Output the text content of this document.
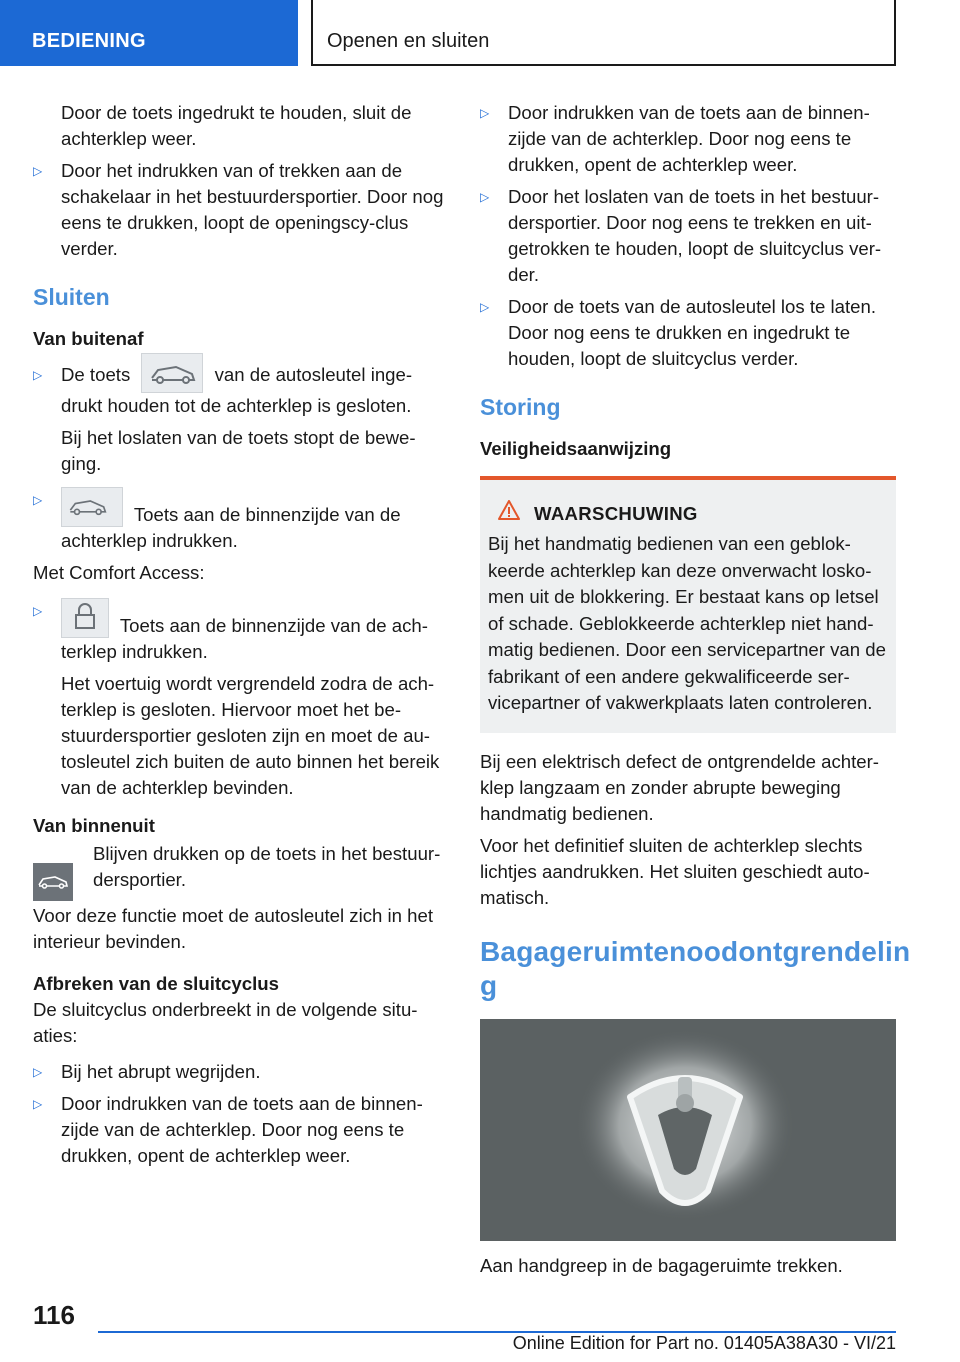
BEDIENING	Openen en sluiten

Door de toets ingedrukt te houden, sluit de achterklep weer.

▷ Door het indrukken van of trekken aan de schakelaar in het bestuurdersportier. Door nog eens te drukken, loopt de openingscy‐clus verder.
Sluiten
Van buitenaf
▷ De toets	van de autosleutel inge‐drukt houden tot de achterklep is gesloten.

Bij het loslaten van de toets stopt de bewe‐ging.

▷
Toets aan de binnenzijde van de achterklep indrukken.

Met Comfort Access:

▷
Toets aan de binnenzijde van de ach‐terklep indrukken.

Het voertuig wordt vergrendeld zodra de ach‐terklep is gesloten. Hiervoor moet het be‐stuurdersportier gesloten zijn en moet de au‐tosleutel zich buiten de auto binnen het bereik van de achterklep bevinden.

Van binnenuit
Blijven drukken op de toets in het bestuur‐dersportier.

Voor deze functie moet de autosleutel zich in het interieur bevinden.

Afbreken van de sluitcyclus

De sluitcyclus onderbreekt in de volgende situ‐aties:

▷ Bij het abrupt wegrijden.
▷ Door indrukken van de toets aan de binnen‐zijde van de achterklep. Door nog eens te drukken, opent de achterklep weer.
▷ Door indrukken van de toets aan de binnen‐zijde van de achterklep. Door nog eens te drukken, opent de achterklep weer.
▷ Door het loslaten van de toets in het bestuur‐dersportier. Door nog eens te trekken en uit‐getrokken te houden, loopt de sluitcyclus ver‐der.
▷ Door de toets van de autosleutel los te laten. Door nog eens te drukken en ingedrukt te houden, loopt de sluitcyclus verder.
Storing
Veiligheidsaanwijzing
WAARSCHUWING
Bij het handmatig bedienen van een geblok‐keerde achterklep kan deze onverwacht losko‐men uit de blokkering. Er bestaat kans op letsel of schade. Geblokkeerde achterklep niet hand‐matig bedienen. Door een servicepartner van de fabrikant of een andere gekwalificeerde ser‐vicepartner of vakwerkplaats laten controleren.

Bij een elektrisch defect de ontgrendelde achter‐klep langzaam en zonder abrupte beweging handmatig bedienen.

Voor het definitief sluiten de achterklep slechts lichtjes aandrukken. Het sluiten geschiedt auto‐matisch.

Bagageruimtenoodontgrendelin g

Aan handgreep in de bagageruimte trekken.

116
Online Edition for Part no. 01405A38A30 - VI/21
